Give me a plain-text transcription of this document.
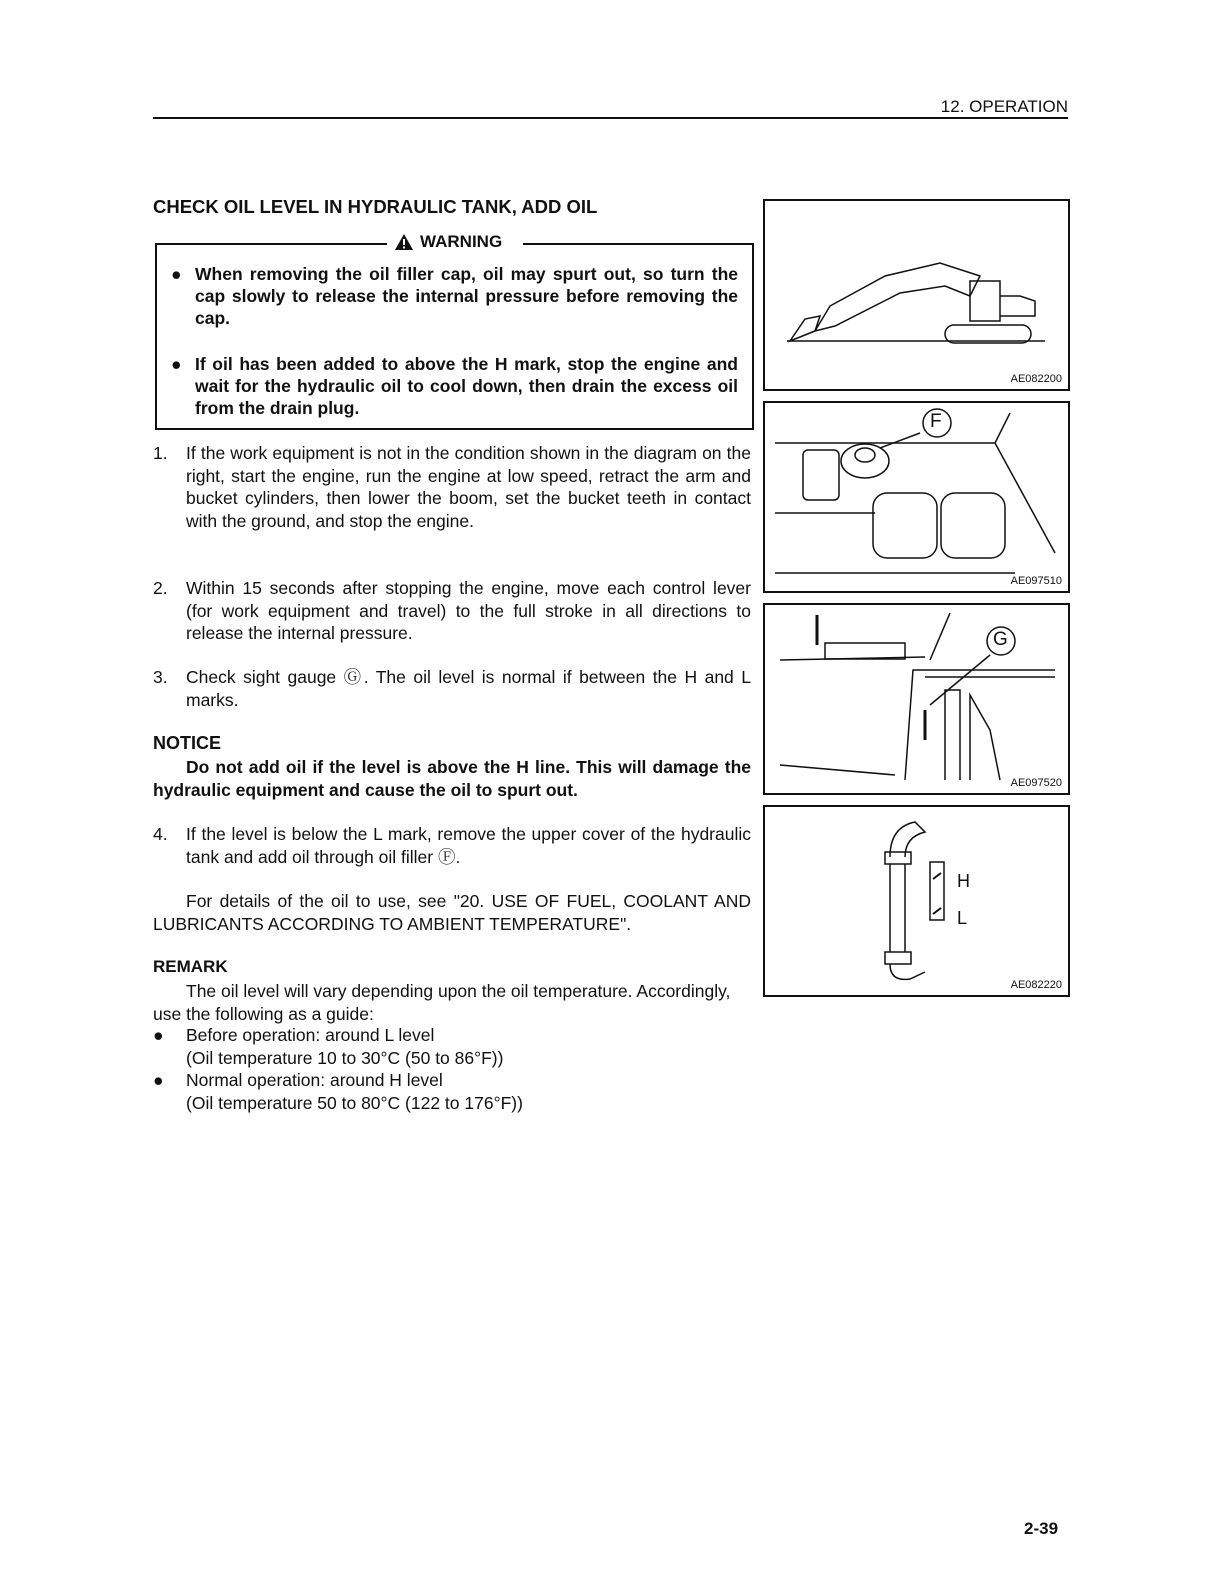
12. OPERATION
CHECK OIL LEVEL IN HYDRAULIC TANK, ADD OIL
WARNING
● When removing the oil filler cap, oil may spurt out, so turn the cap slowly to release the internal pressure before removing the cap.
● If oil has been added to above the H mark, stop the engine and wait for the hydraulic oil to cool down, then drain the excess oil from the drain plug.
1.	If the work equipment is not in the condition shown in the diagram on the right, start the engine, run the engine at low speed, retract the arm and bucket cylinders, then lower the boom, set the bucket teeth in contact with the ground, and stop the engine.
2.	Within 15 seconds after stopping the engine, move each control lever (for work equipment and travel) to the full stroke in all directions to release the internal pressure.
3.	Check sight gauge Ⓖ. The oil level is normal if between the H and L marks.
NOTICE
Do not add oil if the level is above the H line. This will damage the hydraulic equipment and cause the oil to spurt out.
4.	If the level is below the L mark, remove the upper cover of the hydraulic tank and add oil through oil filler Ⓕ.
For details of the oil to use, see "20. USE OF FUEL, COOLANT AND LUBRICANTS ACCORDING TO AMBIENT TEMPERATURE".
REMARK
The oil level will vary depending upon the oil temperature. Accordingly, use the following as a guide:
●	Before operation: around L level
(Oil temperature 10 to 30°C (50 to 86°F))
●	Normal operation: around H level
(Oil temperature 50 to 80°C (122 to 176°F))
AE082200
F
AE097510
G
AE097520
H
L
AE082220
2-39
